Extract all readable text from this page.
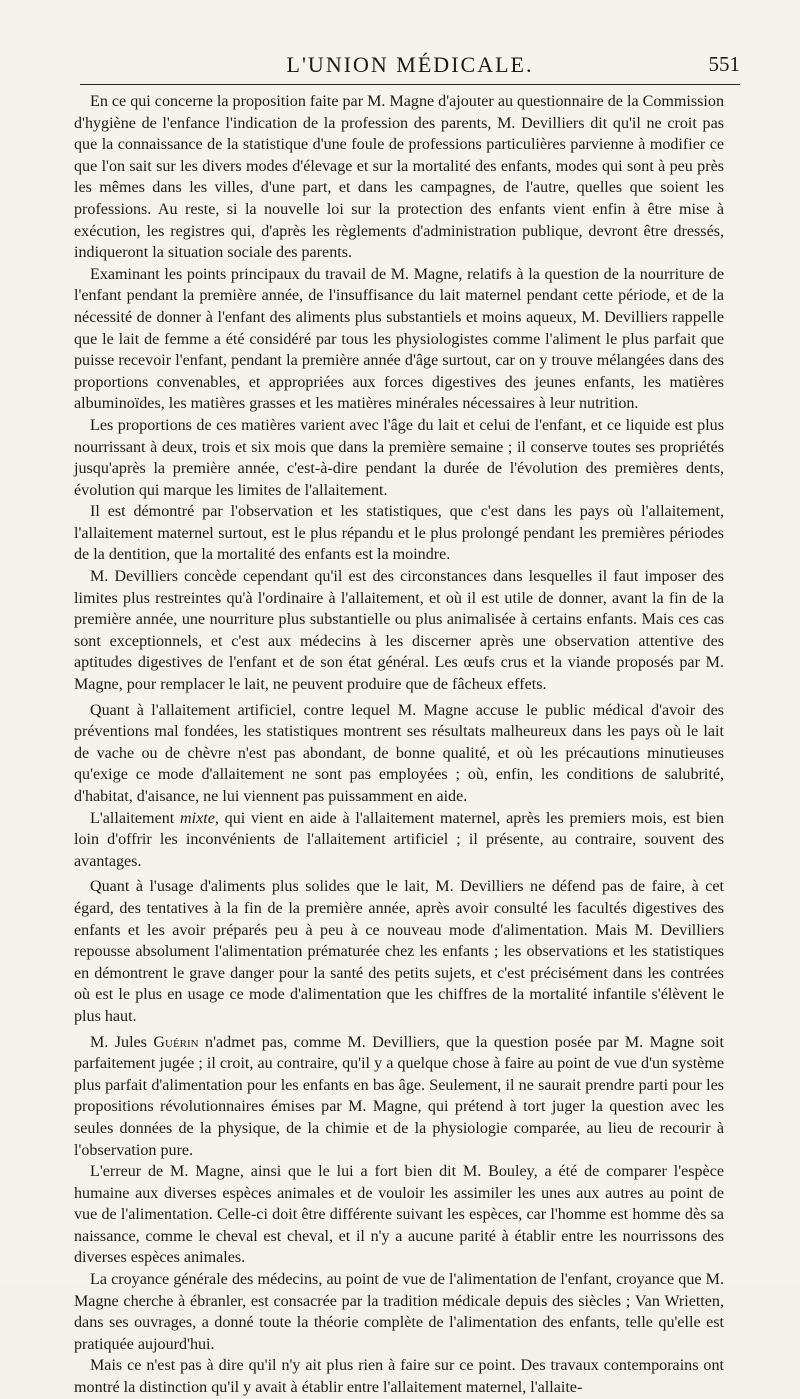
L'UNION MÉDICALE.	551

En ce qui concerne la proposition faite par M. Magne d'ajouter au questionnaire de la Commission d'hygiène de l'enfance l'indication de la profession des parents, M. Devilliers dit qu'il ne croit pas que la connaissance de la statistique d'une foule de professions particulières parvienne à modifier ce que l'on sait sur les divers modes d'élevage et sur la mortalité des enfants, modes qui sont à peu près les mêmes dans les villes, d'une part, et dans les campagnes, de l'autre, quelles que soient les professions. Au reste, si la nouvelle loi sur la protection des enfants vient enfin à être mise à exécution, les registres qui, d'après les règlements d'administration publique, devront être dressés, indiqueront la situation sociale des parents.

Examinant les points principaux du travail de M. Magne, relatifs à la question de la nourriture de l'enfant pendant la première année, de l'insuffisance du lait maternel pendant cette période, et de la nécessité de donner à l'enfant des aliments plus substantiels et moins aqueux, M. Devilliers rappelle que le lait de femme a été considéré par tous les physiologistes comme l'aliment le plus parfait que puisse recevoir l'enfant, pendant la première année d'âge surtout, car on y trouve mélangées dans des proportions convenables, et appropriées aux forces digestives des jeunes enfants, les matières albuminoïdes, les matières grasses et les matières minérales nécessaires à leur nutrition.

Les proportions de ces matières varient avec l'âge du lait et celui de l'enfant, et ce liquide est plus nourrissant à deux, trois et six mois que dans la première semaine ; il conserve toutes ses propriétés jusqu'après la première année, c'est-à-dire pendant la durée de l'évolution des premières dents, évolution qui marque les limites de l'allaitement.

Il est démontré par l'observation et les statistiques, que c'est dans les pays où l'allaitement, l'allaitement maternel surtout, est le plus répandu et le plus prolongé pendant les premières périodes de la dentition, que la mortalité des enfants est la moindre.

M. Devilliers concède cependant qu'il est des circonstances dans lesquelles il faut imposer des limites plus restreintes qu'à l'ordinaire à l'allaitement, et où il est utile de donner, avant la fin de la première année, une nourriture plus substantielle ou plus animalisée à certains enfants. Mais ces cas sont exceptionnels, et c'est aux médecins à les discerner après une observation attentive des aptitudes digestives de l'enfant et de son état général. Les œufs crus et la viande proposés par M. Magne, pour remplacer le lait, ne peuvent produire que de fâcheux effets.

Quant à l'allaitement artificiel, contre lequel M. Magne accuse le public médical d'avoir des préventions mal fondées, les statistiques montrent ses résultats malheureux dans les pays où le lait de vache ou de chèvre n'est pas abondant, de bonne qualité, et où les précautions minutieuses qu'exige ce mode d'allaitement ne sont pas employées ; où, enfin, les conditions de salubrité, d'habitat, d'aisance, ne lui viennent pas puissamment en aide.

L'allaitement mixte, qui vient en aide à l'allaitement maternel, après les premiers mois, est bien loin d'offrir les inconvénients de l'allaitement artificiel ; il présente, au contraire, souvent des avantages.

Quant à l'usage d'aliments plus solides que le lait, M. Devilliers ne défend pas de faire, à cet égard, des tentatives à la fin de la première année, après avoir consulté les facultés digestives des enfants et les avoir préparés peu à peu à ce nouveau mode d'alimentation. Mais M. Devilliers repousse absolument l'alimentation prématurée chez les enfants ; les observations et les statistiques en démontrent le grave danger pour la santé des petits sujets, et c'est précisément dans les contrées où est le plus en usage ce mode d'alimentation que les chiffres de la mortalité infantile s'élèvent le plus haut.

M. Jules Guérin n'admet pas, comme M. Devilliers, que la question posée par M. Magne soit parfaitement jugée ; il croit, au contraire, qu'il y a quelque chose à faire au point de vue d'un système plus parfait d'alimentation pour les enfants en bas âge. Seulement, il ne saurait prendre parti pour les propositions révolutionnaires émises par M. Magne, qui prétend à tort juger la question avec les seules données de la physique, de la chimie et de la physiologie comparée, au lieu de recourir à l'observation pure.

L'erreur de M. Magne, ainsi que le lui a fort bien dit M. Bouley, a été de comparer l'espèce humaine aux diverses espèces animales et de vouloir les assimiler les unes aux autres au point de vue de l'alimentation. Celle-ci doit être différente suivant les espèces, car l'homme est homme dès sa naissance, comme le cheval est cheval, et il n'y a aucune parité à établir entre les nourrissons des diverses espèces animales.

La croyance générale des médecins, au point de vue de l'alimentation de l'enfant, croyance que M. Magne cherche à ébranler, est consacrée par la tradition médicale depuis des siècles ; Van Wrietten, dans ses ouvrages, a donné toute la théorie complète de l'alimentation des enfants, telle qu'elle est pratiquée aujourd'hui.

Mais ce n'est pas à dire qu'il n'y ait plus rien à faire sur ce point. Des travaux contemporains ont montré la distinction qu'il y avait à établir entre l'allaitement maternel, l'allaite-
